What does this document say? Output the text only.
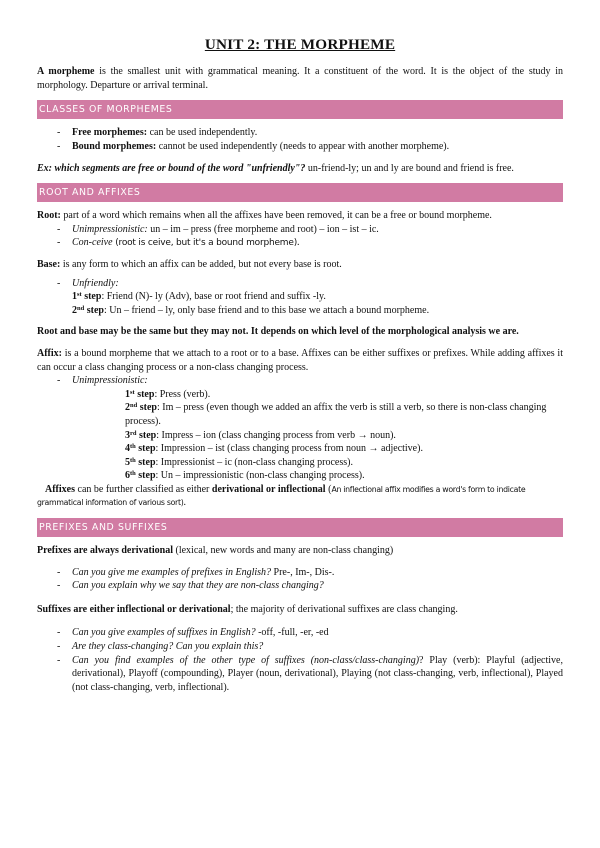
UNIT 2: THE MORPHEME

A morpheme is the smallest unit with grammatical meaning. It a constituent of the word. It is the object of the study in morphology. Departure or arrival terminal.

CLASSES OF MORPHEMES
- Free morphemes: can be used independently.
- Bound morphemes: cannot be used independently (needs to appear with another morpheme).

Ex: which segments are free or bound of the word "unfriendly"? un-friend-ly; un and ly are bound and friend is free.

ROOT AND AFFIXES

Root: part of a word which remains when all the affixes have been removed, it can be a free or bound morpheme.

- Unimpressionistic: un – im – press (free morpheme and root) – ion – ist – ic.
- Con-ceive (root is ceive, but it's a bound morpheme).

Base: is any form to which an affix can be added, but not every base is root.

- Unfriendly:
1st step: Friend (N)- ly (Adv), base or root friend and suffix -ly.
2nd step: Un – friend – ly, only base friend and to this base we attach a bound morpheme.

Root and base may be the same but they may not. It depends on which level of the morphological analysis we are.

Affix: is a bound morpheme that we attach to a root or to a base. Affixes can be either suffixes or prefixes. While adding affixes it can occur a class changing process or a non-class changing process.

- Unimpressionistic:
1st step: Press (verb).
2nd step: Im – press (even though we added an affix the verb is still a verb, so there is non-class changing process).
3rd step: Impress – ion (class changing process from verb → noun).
4th step: Impression – ist (class changing process from noun → adjective).
5th step: Impressionist – ic (non-class changing process).
6th step: Un – impressionistic (non-class changing process).

Affixes can be further classified as either derivational or inflectional (An inflectional affix modifies a word's form to indicate

grammatical information of various sort).

PREFIXES AND SUFFIXES

Prefixes are always derivational (lexical, new words and many are non-class changing)

- Can you give me examples of prefixes in English? Pre-, Im-, Dis-.
- Can you explain why we say that they are non-class changing?

Suffixes are either inflectional or derivational; the majority of derivational suffixes are class changing.

- Can you give examples of suffixes in English? -off, -full, -er, -ed
- Are they class-changing? Can you explain this?
- Can you find examples of the other type of suffixes (non-class/class-changing)? Play (verb): Playful (adjective, derivational), Playoff (compounding), Player (noun, derivational), Playing (not class-changing, verb, inflectional), Played (not class-changing, verb, inflectional).
